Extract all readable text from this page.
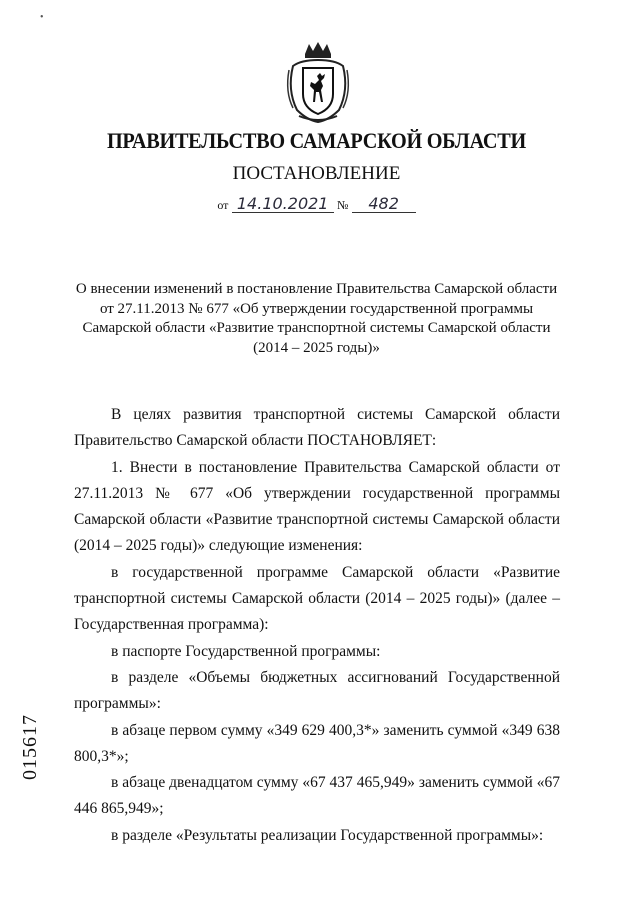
•
ПРАВИТЕЛЬСТВО САМАРСКОЙ ОБЛАСТИ
ПОСТАНОВЛЕНИЕ
от 14.10.2021 № 482
О внесении изменений в постановление Правительства Самарской области
от 27.11.2013 № 677 «Об утверждении государственной программы
Самарской области «Развитие транспортной системы Самарской области
(2014 – 2025 годы)»

В целях развития транспортной системы Самарской области Правительство Самарской области ПОСТАНОВЛЯЕТ:

1. Внести в постановление Правительства Самарской области от 27.11.2013 № 677 «Об утверждении государственной программы Самарской области «Развитие транспортной системы Самарской области (2014 – 2025 годы)» следующие изменения:

в государственной программе Самарской области «Развитие транспортной системы Самарской области (2014 – 2025 годы)» (далее – Государственная программа):

в паспорте Государственной программы:

в разделе «Объемы бюджетных ассигнований Государственной программы»:

в абзаце первом сумму «349 629 400,3*» заменить суммой «349 638 800,3*»;

в абзаце двенадцатом сумму «67 437 465,949» заменить суммой «67 446 865,949»;

в разделе «Результаты реализации Государственной программы»:

015617
